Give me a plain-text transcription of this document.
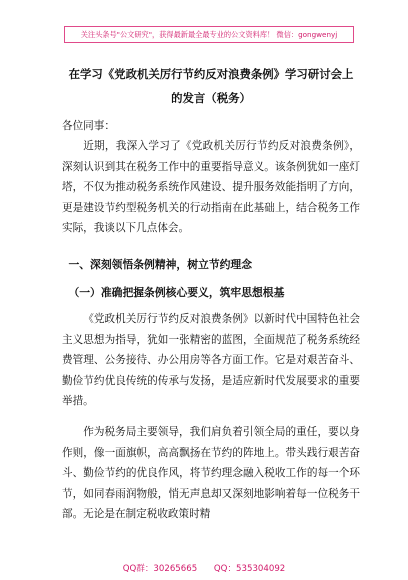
关注头条号"公文研究"，获得最新最全最专业的公文资料库！ 微信：gongwenyj

在学习《党政机关厉行节约反对浪费条例》学习研讨会上

的发言（税务）

各位同事：

近期，我深入学习了《党政机关厉行节约反对浪费条例》，深刻认识到其在税务工作中的重要指导意义。该条例犹如一座灯塔，不仅为推动税务系统作风建设、提升服务效能指明了方向，更是建设节约型税务机关的行动指南在此基础上，结合税务工作实际，我谈以下几点体会。

一、深刻领悟条例精神，树立节约理念
（一）准确把握条例核心要义，筑牢思想根基

《党政机关厉行节约反对浪费条例》以新时代中国特色社会主义思想为指导，犹如一张精密的蓝图，全面规范了税务系统经费管理、公务接待、办公用房等各方面工作。它是对艰苦奋斗、勤俭节约优良传统的传承与发扬，是适应新时代发展要求的重要举措。

作为税务局主要领导，我们肩负着引领全局的重任，要以身作则，像一面旗帜，高高飘扬在节约的阵地上。带头践行艰苦奋斗、勤俭节约的优良作风，将节约理念融入税收工作的每一个环节，如同春雨润物般，悄无声息却又深刻地影响着每一位税务干部。无论是在制定税收政策时精

QQ群：30265665 QQ：535304092
